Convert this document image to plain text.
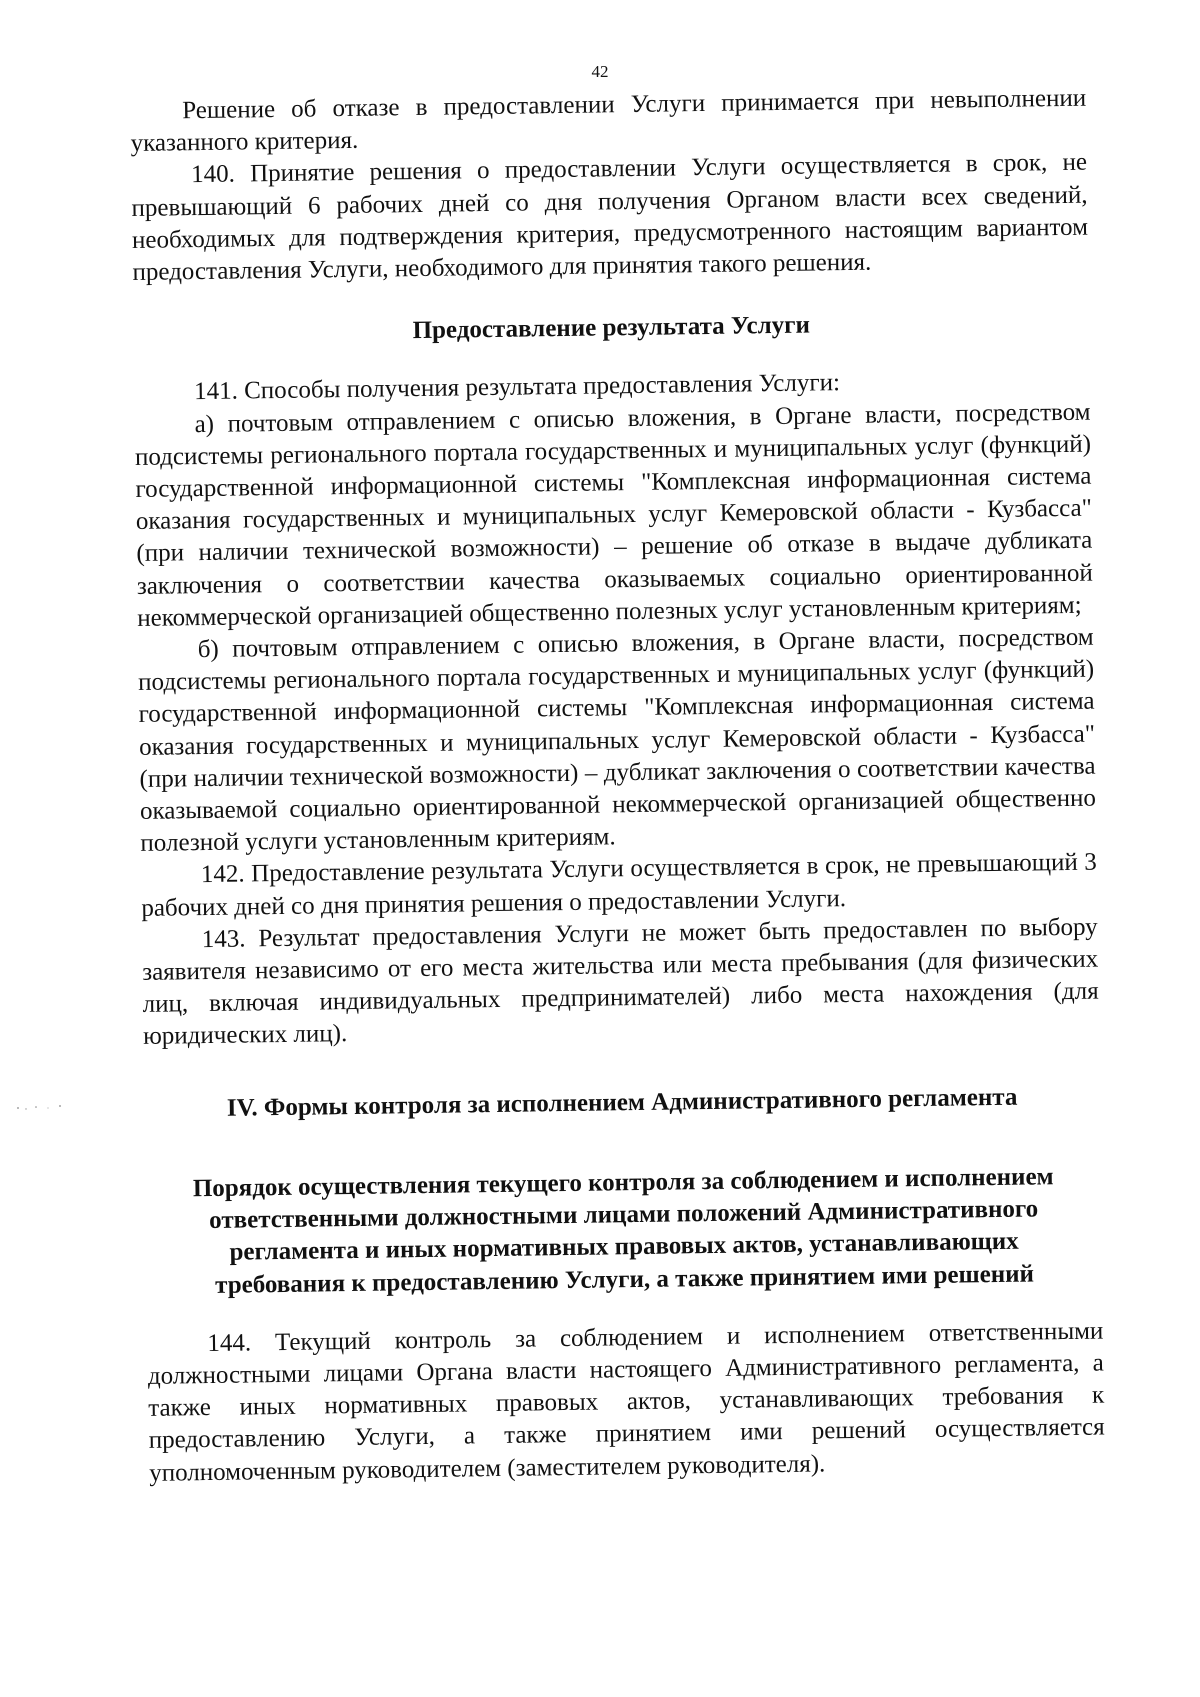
42

Решение об отказе в предоставлении Услуги принимается при невыполнении указанного критерия.

140. Принятие решения о предоставлении Услуги осуществляется в срок, не превышающий 6 рабочих дней со дня получения Органом власти всех сведений, необходимых для подтверждения критерия, предусмотренного настоящим вариантом предоставления Услуги, необходимого для принятия такого решения.

Предоставление результата Услуги

141. Способы получения результата предоставления Услуги:

а) почтовым отправлением с описью вложения, в Органе власти, посредством подсистемы регионального портала государственных и муниципальных услуг (функций) государственной информационной системы "Комплексная информационная система оказания государственных и муниципальных услуг Кемеровской области - Кузбасса" (при наличии технической возможности) – решение об отказе в выдаче дубликата заключения о соответствии качества оказываемых социально ориентированной некоммерческой организацией общественно полезных услуг установленным критериям;

б) почтовым отправлением с описью вложения, в Органе власти, посредством подсистемы регионального портала государственных и муниципальных услуг (функций) государственной информационной системы "Комплексная информационная система оказания государственных и муниципальных услуг Кемеровской области - Кузбасса" (при наличии технической возможности) – дубликат заключения о соответствии качества оказываемой социально ориентированной некоммерческой организацией общественно полезной услуги установленным критериям.

142. Предоставление результата Услуги осуществляется в срок, не превышающий 3 рабочих дней со дня принятия решения о предоставлении Услуги.

143. Результат предоставления Услуги не может быть предоставлен по выбору заявителя независимо от его места жительства или места пребывания (для физических лиц, включая индивидуальных предпринимателей) либо места нахождения (для юридических лиц).

IV. Формы контроля за исполнением Административного регламента
Порядок осуществления текущего контроля за соблюдением и исполнением
ответственными должностными лицами положений Административного
регламента и иных нормативных правовых актов, устанавливающих
требования к предоставлению Услуги, а также принятием ими решений

144. Текущий контроль за соблюдением и исполнением ответственными должностными лицами Органа власти настоящего Административного регламента, а также иных нормативных правовых актов, устанавливающих требования к предоставлению Услуги, а также принятием ими решений осуществляется уполномоченным руководителем (заместителем руководителя).
